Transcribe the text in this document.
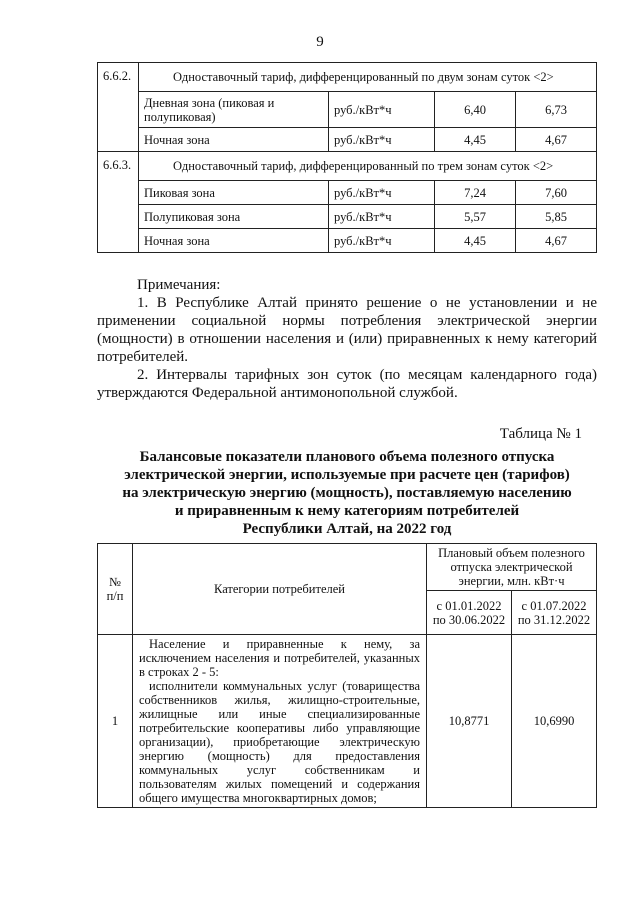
9
6.6.2.	Одноставочный тариф, дифференцированный по двум зонам суток <2>			
	Дневная зона (пиковая и полупиковая)	руб./кВт*ч	6,40	6,73
	Ночная зона	руб./кВт*ч	4,45	4,67
6.6.3.	Одноставочный тариф, дифференцированный по трем зонам суток <2>			
	Пиковая зона	руб./кВт*ч	7,24	7,60
	Полупиковая зона	руб./кВт*ч	5,57	5,85
	Ночная зона	руб./кВт*ч	4,45	4,67
Примечания:
1. В Республике Алтай принято решение о не установлении и не
применении социальной нормы потребления электрической энергии (мощности) в отношении населения и (или) приравненных к нему категорий потребителей.
2. Интервалы тарифных зон суток (по месяцам календарного года)
утверждаются Федеральной антимонопольной службой.
Таблица № 1
Балансовые показатели планового объема полезного отпуска
электрической энергии, используемые при расчете цен (тарифов)
на электрическую энергию (мощность), поставляемую населению
и приравненным к нему категориям потребителей
Республики Алтай, на 2022 год
№ п/п	Категории потребителей	Плановый объем полезного отпуска электрической энергии, млн. кВт·ч	
		с 01.01.2022 по 30.06.2022	с 01.07.2022 по 31.12.2022
1	Население и приравненные к нему, за исключением населения и потребителей, указанных в строках 2 - 5:
исполнители коммунальных услуг (товарищества собственников жилья, жилищно-строительные, жилищные или иные специализированные потребительские кооперативы либо управляющие организации), приобретающие электрическую энергию (мощность) для предоставления коммунальных услуг собственникам и пользователям жилых помещений и содержания общего имущества многоквартирных домов;	10,8771	10,6990
